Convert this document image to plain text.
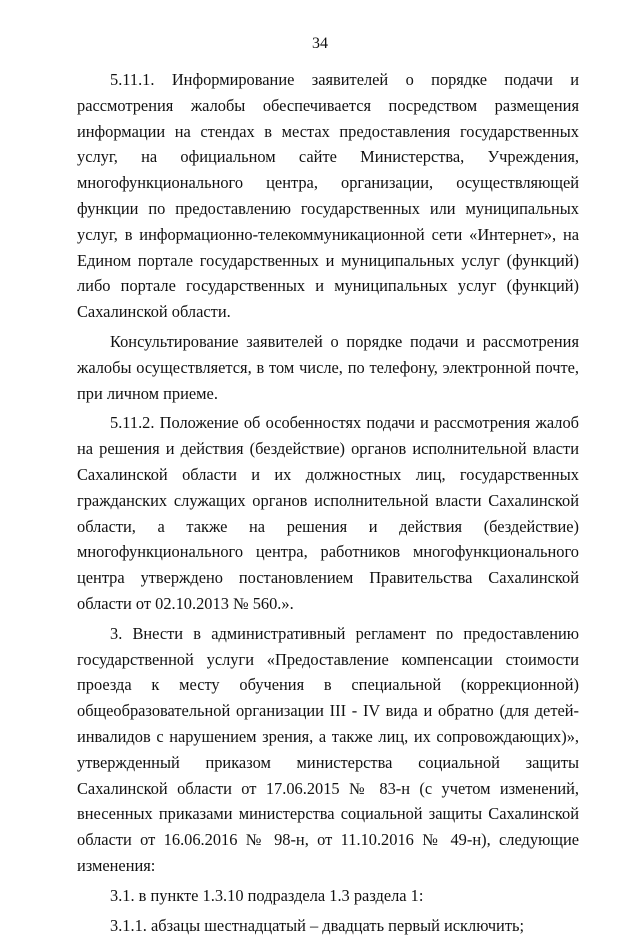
34

5.11.1. Информирование заявителей о порядке подачи и рассмотрения жалобы обеспечивается посредством размещения информации на стендах в местах предоставления государственных услуг, на официальном сайте Министерства, Учреждения, многофункционального центра, организации, осуществляющей функции по предоставлению государственных или муниципальных услуг, в информационно-телекоммуникационной сети «Интернет», на Едином портале государственных и муниципальных услуг (функций) либо портале государственных и муниципальных услуг (функций) Сахалинской области.

Консультирование заявителей о порядке подачи и рассмотрения жалобы осуществляется, в том числе, по телефону, электронной почте, при личном приеме.

5.11.2. Положение об особенностях подачи и рассмотрения жалоб на решения и действия (бездействие) органов исполнительной власти Сахалинской области и их должностных лиц, государственных гражданских служащих органов исполнительной власти Сахалинской области, а также на решения и действия (бездействие) многофункционального центра, работников многофункционального центра утверждено постановлением Правительства Сахалинской области от 02.10.2013 № 560.».

3. Внести в административный регламент по предоставлению госудаpственной услуги «Предоставление компенсации стоимости проезда к месту обучения в специальной (коррекционной) общеобразовательной организации III - IV вида и обратно (для детей-инвалидов с нарушением зрения, а также лиц, их сопровождающих)», утвержденный приказом министерства социальной защиты Сахалинской области от 17.06.2015 № 83-н (с учетом изменений, внесенных приказами министерства социальной защиты Сахалинской области от 16.06.2016 № 98-н, от 11.10.2016 № 49-н), следующие изменения:

3.1. в пункте 1.3.10 подраздела 1.3 раздела 1:

3.1.1. абзацы шестнадцатый – двадцать первый исключить;
